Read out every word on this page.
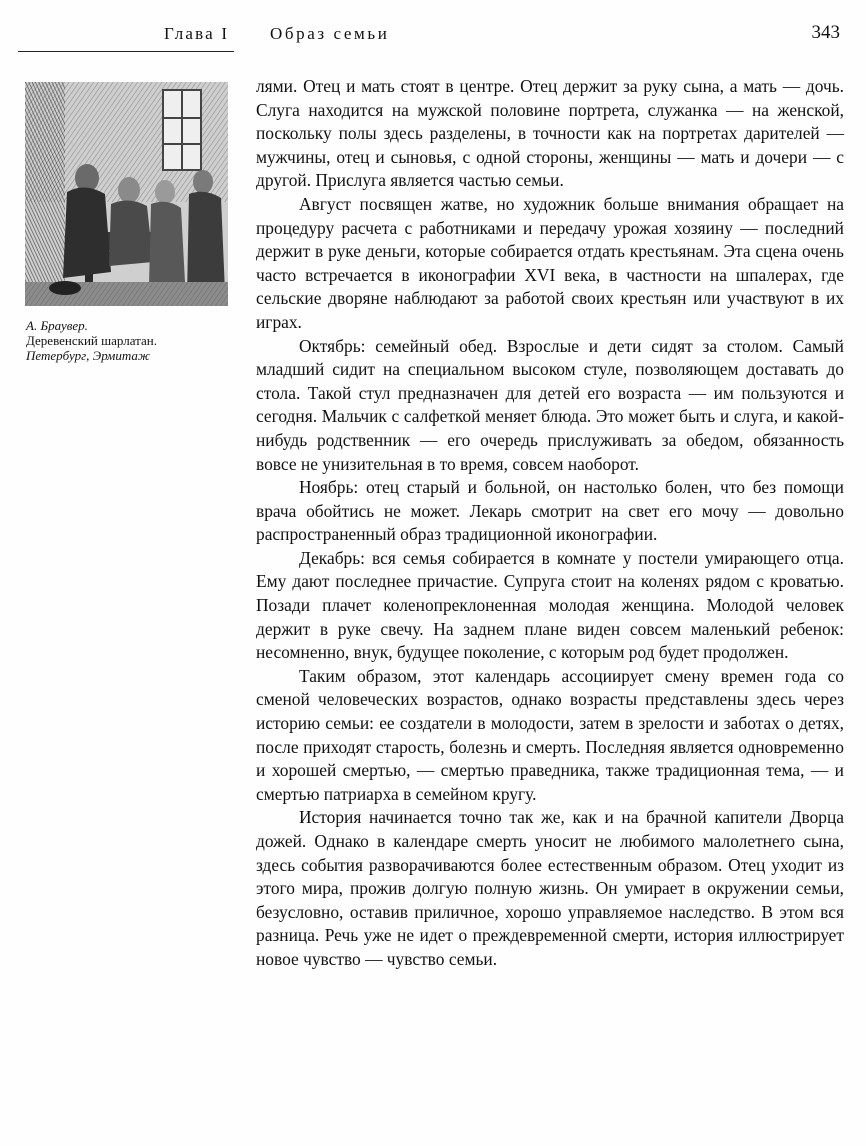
Глава I Образ семьи	343
А. Браувер.
Деревенский шарлатан.
Петербург, Эрмитаж

лями. Отец и мать стоят в центре. Отец держит за руку сына, а мать — дочь. Слуга находится на мужской половине портрета, служанка — на женской, поскольку полы здесь разделены, в точности как на портретах дарителей — мужчины, отец и сыновья, с одной стороны, женщины — мать и дочери — с другой. Прислуга является частью семьи.

Август посвящен жатве, но художник больше внимания обращает на процедуру расчета с работниками и передачу урожая хозяину — последний держит в руке деньги, которые собирается отдать крестьянам. Эта сцена очень часто встречается в иконографии XVI века, в частности на шпалерах, где сельские дворяне наблюдают за работой своих крестьян или участвуют в их играх.

Октябрь: семейный обед. Взрослые и дети сидят за столом. Самый младший сидит на специальном высоком стуле, позволяющем доставать до стола. Такой стул предназначен для детей его возраста — им пользуются и сегодня. Мальчик с салфеткой меняет блюда. Это может быть и слуга, и какой-нибудь родственник — его очередь прислуживать за обедом, обязанность вовсе не унизительная в то время, совсем наоборот.

Ноябрь: отец старый и больной, он настолько болен, что без помощи врача обойтись не может. Лекарь смотрит на свет его мочу — довольно распространенный образ традиционной иконографии.

Декабрь: вся семья собирается в комнате у постели умирающего отца. Ему дают последнее причастие. Супруга стоит на коленях рядом с кроватью. Позади плачет коленопреклоненная молодая женщина. Молодой человек держит в руке свечу. На заднем плане виден совсем маленький ребенок: несомненно, внук, будущее поколение, с которым род будет продолжен.

Таким образом, этот календарь ассоциирует смену времен года со сменой человеческих возрастов, однако возрасты представлены здесь через историю семьи: ее создатели в молодости, затем в зрелости и заботах о детях, после приходят старость, болезнь и смерть. Последняя является одновременно и хорошей смертью, — смертью праведника, также традиционная тема, — и смертью патриарха в семейном кругу.

История начинается точно так же, как и на брачной капители Дворца дожей. Однако в календаре смерть уносит не любимого малолетнего сына, здесь события разворачиваются более естественным образом. Отец уходит из этого мира, прожив долгую полную жизнь. Он умирает в окружении семьи, безусловно, оставив приличное, хорошо управляемое наследство. В этом вся разница. Речь уже не идет о преждевременной смерти, история иллюстрирует новое чувство — чувство семьи.
